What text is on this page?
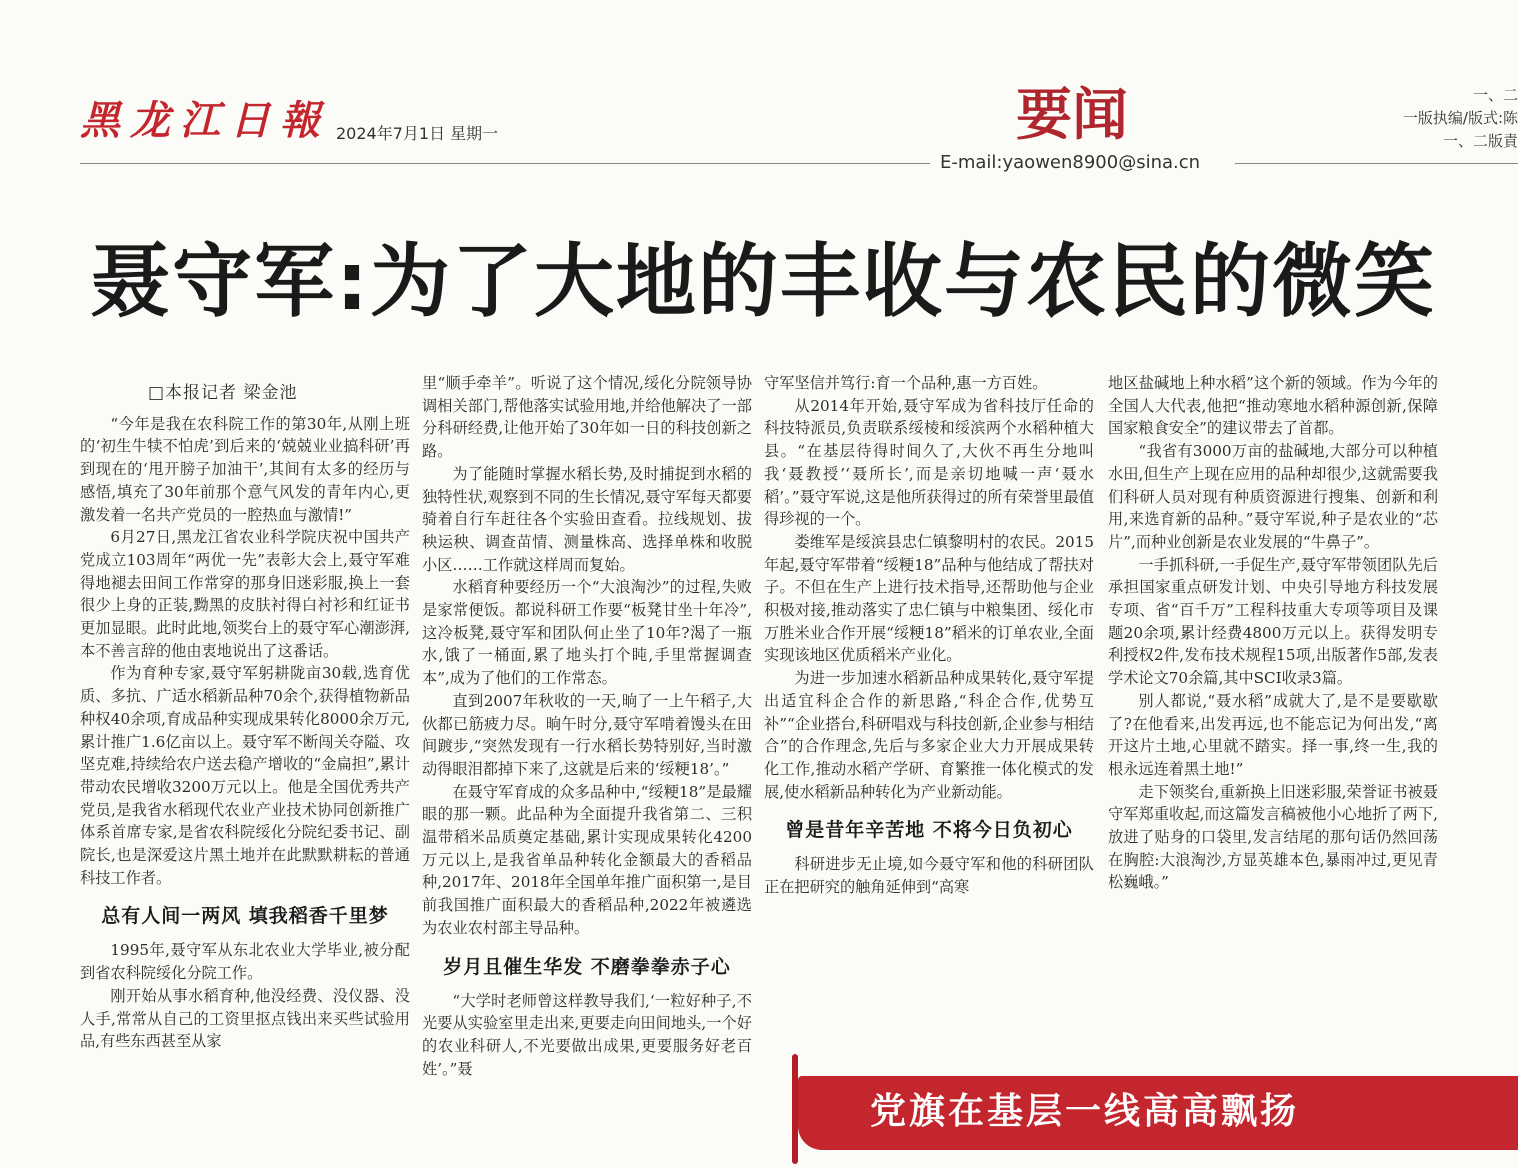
黑龙江日報 2024年7月1日 星期一	要闻
E-mail:yaowen8900@sina.cn
一、二
一版执编/版式:陈
一、二版責
聂守军:为了大地的丰收与农民的微笑
□本报记者 梁金池

“今年是我在农科院工作的第30年,从刚上班的‘初生牛犊不怕虎’到后来的‘兢兢业业搞科研’再到现在的‘甩开膀子加油干’,其间有太多的经历与感悟,填充了30年前那个意气风发的青年内心,更激发着一名共产党员的一腔热血与激情!”

6月27日,黑龙江省农业科学院庆祝中国共产党成立103周年“两优一先”表彰大会上,聂守军难得地褪去田间工作常穿的那身旧迷彩服,换上一套很少上身的正装,黝黑的皮肤衬得白衬衫和红证书更加显眼。此时此地,领奖台上的聂守军心潮澎湃,本不善言辞的他由衷地说出了这番话。

作为育种专家,聂守军躬耕陇亩30载,选育优质、多抗、广适水稻新品种70余个,获得植物新品种权40余项,育成品种实现成果转化8000余万元,累计推广1.6亿亩以上。聂守军不断闯关夺隘、攻坚克难,持续给农户送去稳产增收的“金扁担”,累计带动农民增收3200万元以上。他是全国优秀共产党员,是我省水稻现代农业产业技术协同创新推广体系首席专家,是省农科院绥化分院纪委书记、副院长,也是深爱这片黑土地并在此默默耕耘的普通科技工作者。

总有人间一两风 填我稻香千里梦

1995年,聂守军从东北农业大学毕业,被分配到省农科院绥化分院工作。

刚开始从事水稻育种,他没经费、没仪器、没人手,常常从自己的工资里抠点钱出来买些试验用品,有些东西甚至从家

里“顺手牵羊”。听说了这个情况,绥化分院领导协调相关部门,帮他落实试验用地,并给他解决了一部分科研经费,让他开始了30年如一日的科技创新之路。

为了能随时掌握水稻长势,及时捕捉到水稻的独特性状,观察到不同的生长情况,聂守军每天都要骑着自行车赶往各个实验田查看。拉线规划、拔秧运秧、调查苗情、测量株高、选择单株和收脱小区……工作就这样周而复始。

水稻育种要经历一个“大浪淘沙”的过程,失败是家常便饭。都说科研工作要“板凳甘坐十年冷”,这冷板凳,聂守军和团队何止坐了10年?渴了一瓶水,饿了一桶面,累了地头打个盹,手里常握调查本”,成为了他们的工作常态。

直到2007年秋收的一天,晌了一上午稻子,大伙都已筋疲力尽。晌午时分,聂守军啃着馒头在田间踱步,“突然发现有一行水稻长势特别好,当时激动得眼泪都掉下来了,这就是后来的‘绥粳18’。”

在聂守军育成的众多品种中,“绥粳18”是最耀眼的那一颗。此品种为全面提升我省第二、三积温带稻米品质奠定基础,累计实现成果转化4200万元以上,是我省单品种转化金额最大的香稻品种,2017年、2018年全国单年推广面积第一,是目前我国推广面积最大的香稻品种,2022年被遴选为农业农村部主导品种。

岁月且催生华发 不磨拳拳赤子心

“大学时老师曾这样教导我们,‘一粒好种子,不光要从实验室里走出来,更要走向田间地头,一个好的农业科研人,不光要做出成果,更要服务好老百姓’。”聂

守军坚信并笃行:育一个品种,惠一方百姓。

从2014年开始,聂守军成为省科技厅任命的科技特派员,负责联系绥棱和绥滨两个水稻种植大县。“在基层待得时间久了,大伙不再生分地叫我‘聂教授’‘聂所长’,而是亲切地喊一声‘聂水稻’。”聂守军说,这是他所获得过的所有荣誉里最值得珍视的一个。

娄维军是绥滨县忠仁镇黎明村的农民。2015年起,聂守军带着“绥粳18”品种与他结成了帮扶对子。不但在生产上进行技术指导,还帮助他与企业积极对接,推动落实了忠仁镇与中粮集团、绥化市万胜米业合作开展“绥粳18”稻米的订单农业,全面实现该地区优质稻米产业化。

为进一步加速水稻新品种成果转化,聂守军提出适宜科企合作的新思路,“科企合作,优势互补”“企业搭台,科研唱戏与科技创新,企业参与相结合”的合作理念,先后与多家企业大力开展成果转化工作,推动水稻产学研、育繁推一体化模式的发展,使水稻新品种转化为产业新动能。

曾是昔年辛苦地 不将今日负初心

科研进步无止境,如今聂守军和他的科研团队正在把研究的触角延伸到“高寒

地区盐碱地上种水稻”这个新的领域。作为今年的全国人大代表,他把“推动寒地水稻种源创新,保障国家粮食安全”的建议带去了首都。

“我省有3000万亩的盐碱地,大部分可以种植水田,但生产上现在应用的品种却很少,这就需要我们科研人员对现有种质资源进行搜集、创新和利用,来选育新的品种。”聂守军说,种子是农业的“芯片”,而种业创新是农业发展的“牛鼻子”。

一手抓科研,一手促生产,聂守军带领团队先后承担国家重点研发计划、中央引导地方科技发展专项、省“百千万”工程科技重大专项等项目及课题20余项,累计经费4800万元以上。获得发明专利授权2件,发布技术规程15项,出版著作5部,发表学术论文70余篇,其中SCI收录3篇。

别人都说,“聂水稻”成就大了,是不是要歇歇了?在他看来,出发再远,也不能忘记为何出发,“离开这片土地,心里就不踏实。择一事,终一生,我的根永远连着黑土地!”

走下领奖台,重新换上旧迷彩服,荣誉证书被聂守军郑重收起,而这篇发言稿被他小心地折了两下,放进了贴身的口袋里,发言结尾的那句话仍然回荡在胸腔:大浪淘沙,方显英雄本色,暴雨冲过,更见青松巍峨。”

党旗在基层一线高高飘扬
